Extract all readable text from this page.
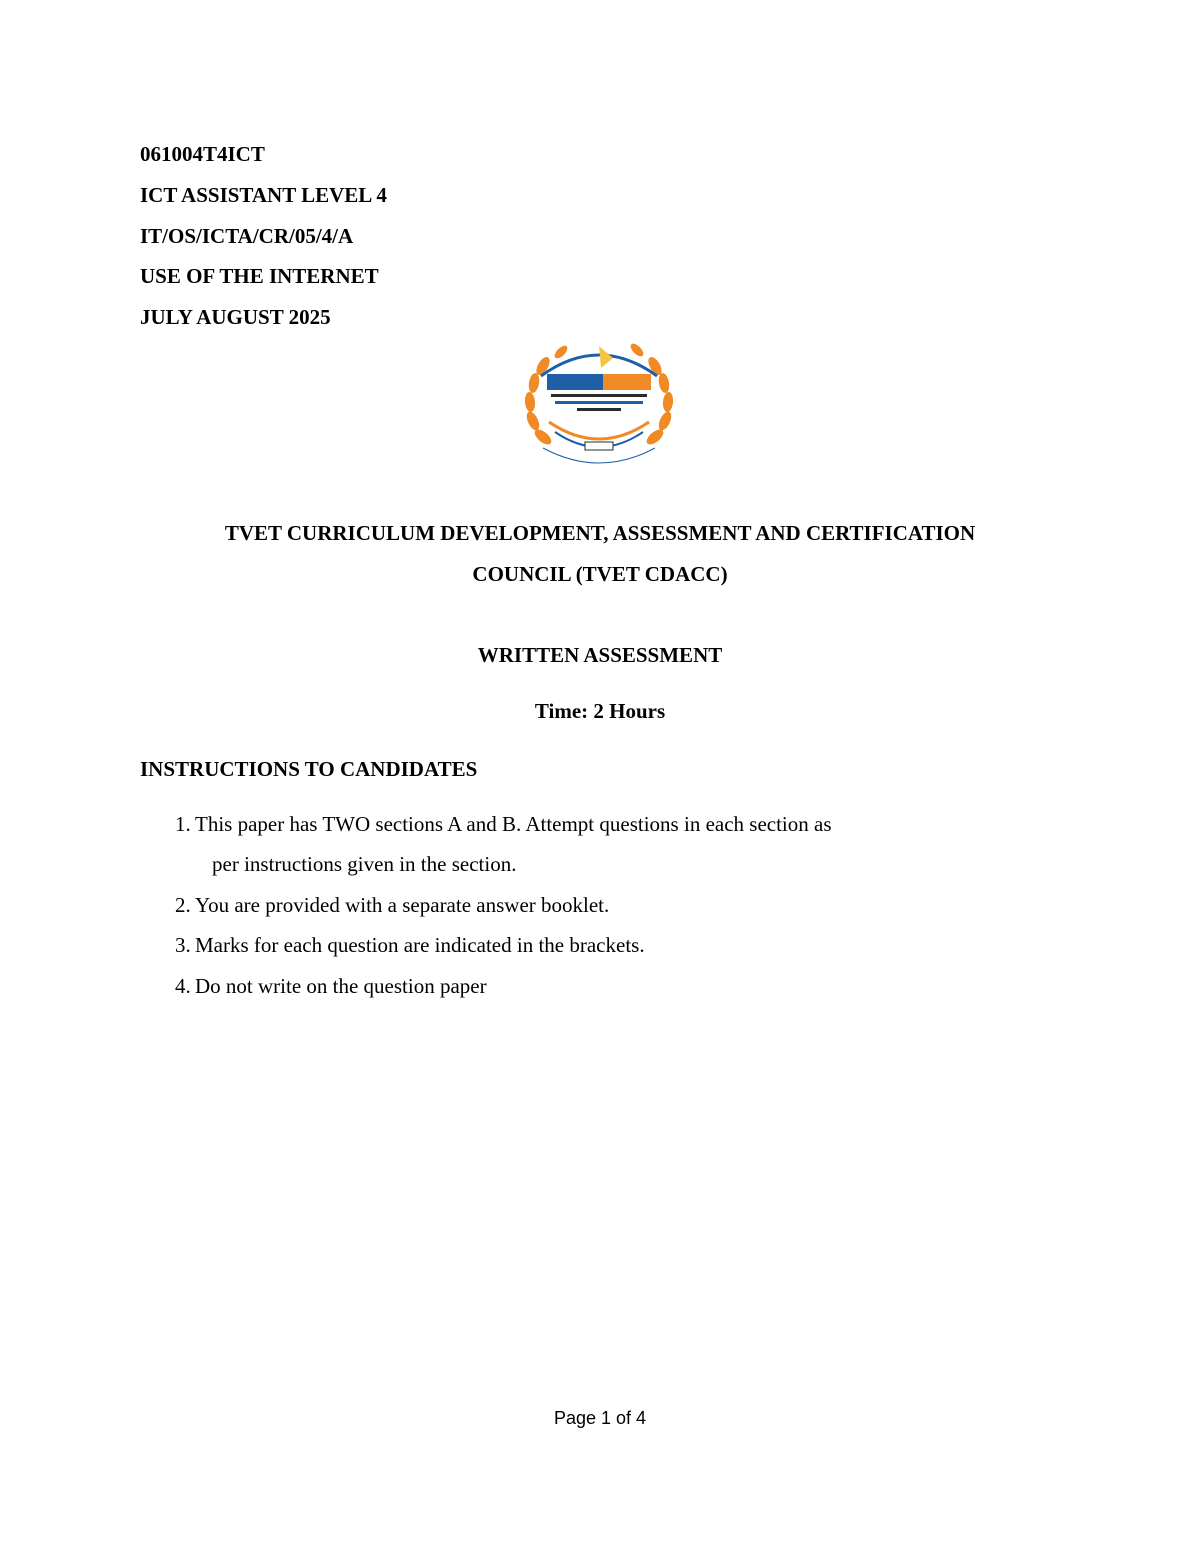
061004T4ICT
ICT ASSISTANT LEVEL 4
IT/OS/ICTA/CR/05/4/A
USE OF THE INTERNET
JULY AUGUST 2025
TVET CURRICULUM DEVELOPMENT, ASSESSMENT AND CERTIFICATION
COUNCIL (TVET CDACC)
WRITTEN ASSESSMENT
Time: 2 Hours
INSTRUCTIONS TO CANDIDATES
1. This paper has TWO sections A and B. Attempt questions in each section as
per instructions given in the section.
2. You are provided with a separate answer booklet.
3. Marks for each question are indicated in the brackets.
4. Do not write on the question paper
Page 1 of 4
